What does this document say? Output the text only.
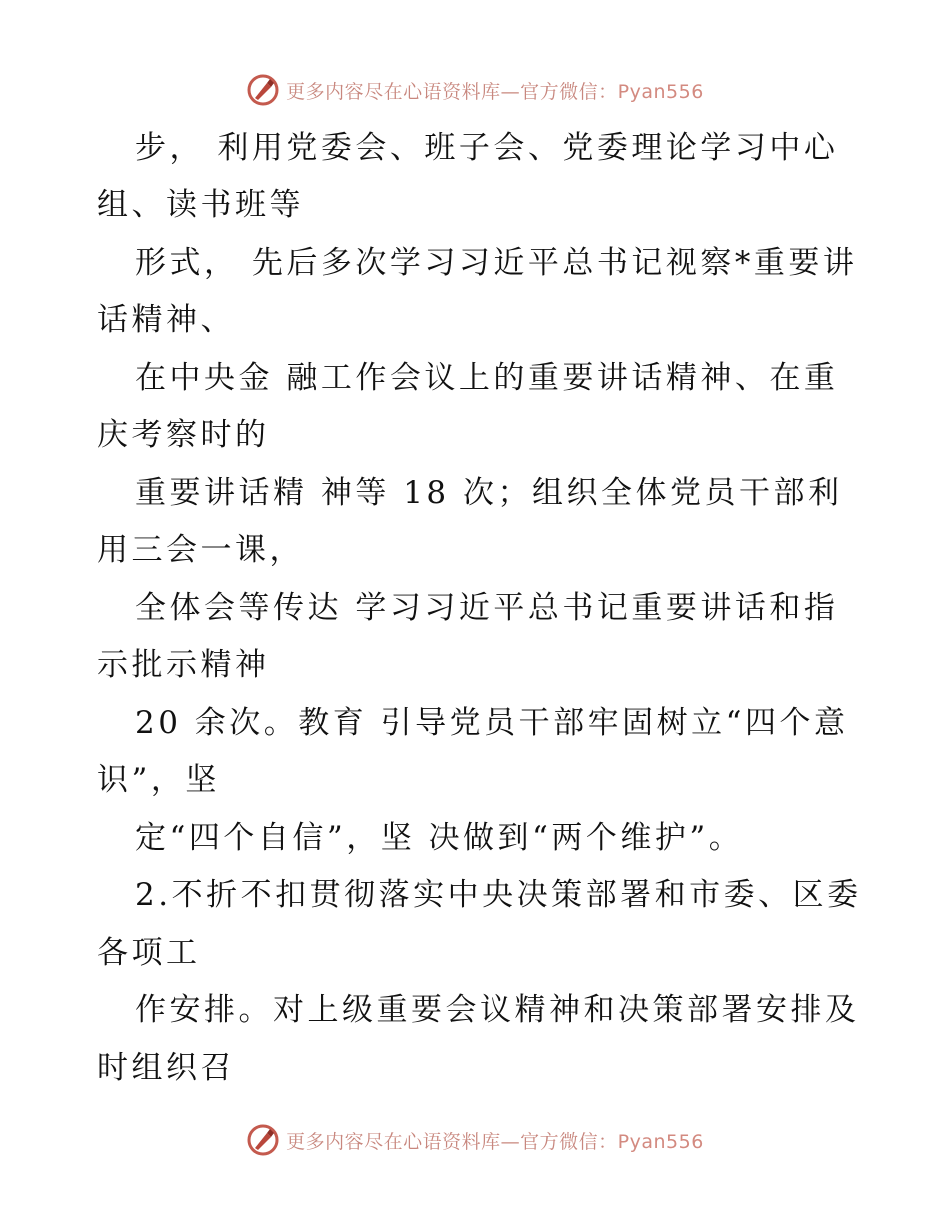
更多内容尽在心语资料库—官方微信：Pyan556
步， 利用党委会、班子会、党委理论学习中心
组、读书班等
形式， 先后多次学习习近平总书记视察*重要讲
话精神、
在中央金 融工作会议上的重要讲话精神、在重
庆考察时的
重要讲话精 神等 18 次；组织全体党员干部利
用三会一课，
全体会等传达 学习习近平总书记重要讲话和指
示批示精神
20 余次。教育 引导党员干部牢固树立“四个意
识”，坚
定“四个自信”，坚 决做到“两个维护”。
2.不折不扣贯彻落实中央决策部署和市委、区委
各项工
作安排。对上级重要会议精神和决策部署安排及
时组织召
更多内容尽在心语资料库—官方微信：Pyan556
